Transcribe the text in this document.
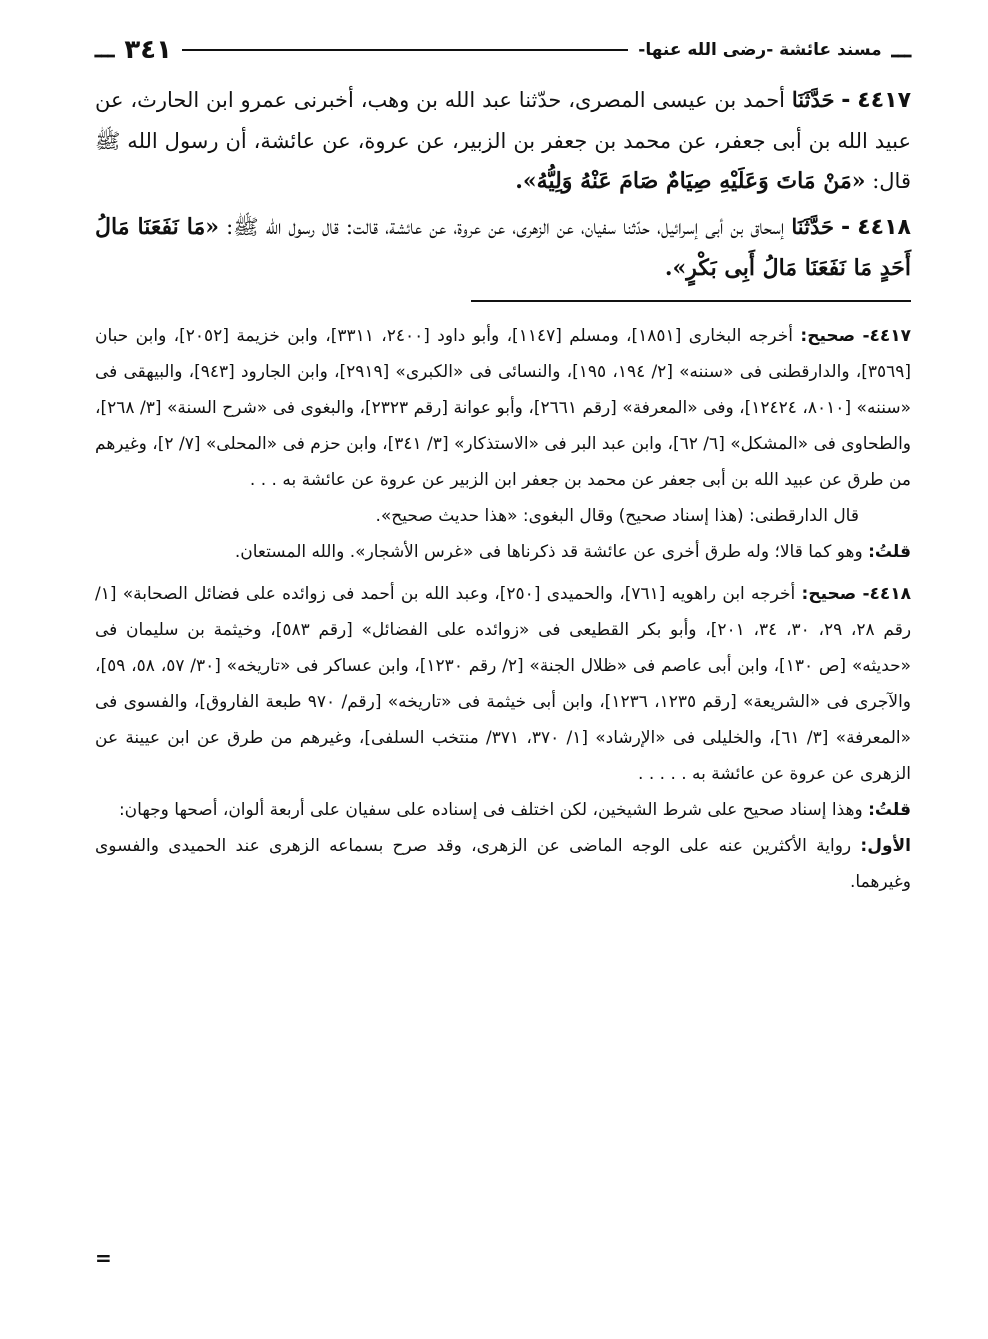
ـــ
مسند عائشة -رضى الله عنها-
٣٤١
ـــ

٤٤١٧ - حَدَّثَنَا أحمد بن عيسى المصرى، حدّثنا عبد الله بن وهب، أخبرنى عمرو ابن الحارث، عن عبيد الله بن أبى جعفر، عن محمد بن جعفر بن الزبير، عن عروة، عن عائشة، أن رسول الله ﷺ قال: «مَنْ مَاتَ وَعَلَيْهِ صِيَامٌ صَامَ عَنْهُ وَلِيُّهُ».

٤٤١٨ - حَدَّثَنَا إسحاق بن أبى إسرائيل، حدّثنا سفيان، عن الزهرى، عن عروة، عن عائشة، قالت: قال رسول الله ﷺ: «مَا نَفَعَنَا مَالُ أَحَدٍ مَا نَفَعَنَا مَالُ أَبِى بَكْرٍ».

٤٤١٧- صحيح: أخرجه البخارى [١٨٥١]، ومسلم [١١٤٧]، وأبو داود [٢٤٠٠، ٣٣١١]، وابن خزيمة [٢٠٥٢]، وابن حبان [٣٥٦٩]، والدارقطنى فى «سننه» [٢/ ١٩٤، ١٩٥]، والنسائى فى «الكبرى» [٢٩١٩]، وابن الجارود [٩٤٣]، والبيهقى فى «سننه» [٨٠١٠، ١٢٤٢٤]، وفى «المعرفة» [رقم ٢٦٦١]، وأبو عوانة [رقم ٢٣٢٣]، والبغوى فى «شرح السنة» [٣/ ٢٦٨]، والطحاوى فى «المشكل» [٦/ ٦٢]، وابن عبد البر فى «الاستذكار» [٣/ ٣٤١]، وابن حزم فى «المحلى» [٧/ ٢]، وغيرهم من طرق عن عبيد الله بن أبى جعفر عن محمد بن جعفر ابن الزبير عن عروة عن عائشة به . . .
قال الدارقطنى: (هذا إسناد صحيح) وقال البغوى: «هذا حديث صحيح».
قلتُ: وهو كما قالا؛ وله طرق أخرى عن عائشة قد ذكرناها فى «غرس الأشجار». والله المستعان.
٤٤١٨- صحيح: أخرجه ابن راهويه [٧٦١]، والحميدى [٢٥٠]، وعبد الله بن أحمد فى زوائده على فضائل الصحابة» [١/ رقم ٢٨، ٢٩، ٣٠، ٣٤، ٢٠١]، وأبو بكر القطيعى فى «زوائده على الفضائل» [رقم ٥٨٣]، وخيثمة بن سليمان فى «حديثه» [ص ١٣٠]، وابن أبى عاصم فى «ظلال الجنة» [٢/ رقم ١٢٣٠]، وابن عساكر فى «تاريخه» [٣٠/ ٥٧، ٥٨، ٥٩]، والآجرى فى «الشريعة» [رقم ١٢٣٥، ١٢٣٦]، وابن أبى خيثمة فى «تاريخه» [رقم/ ٩٧٠ طبعة الفاروق]، والفسوى فى «المعرفة» [٣/ ٦١]، والخليلى فى «الإرشاد» [١/ ٣٧٠، ٣٧١/ منتخب السلفى]، وغيرهم من طرق عن ابن عيينة عن الزهرى عن عروة عن عائشة به . . . . .
قلتُ: وهذا إسناد صحيح على شرط الشيخين، لكن اختلف فى إسناده على سفيان على أربعة ألوان، أصحها وجهان:
الأول: رواية الأكثرين عنه على الوجه الماضى عن الزهرى، وقد صرح بسماعه الزهرى عند الحميدى والفسوى وغيرهما.
=
